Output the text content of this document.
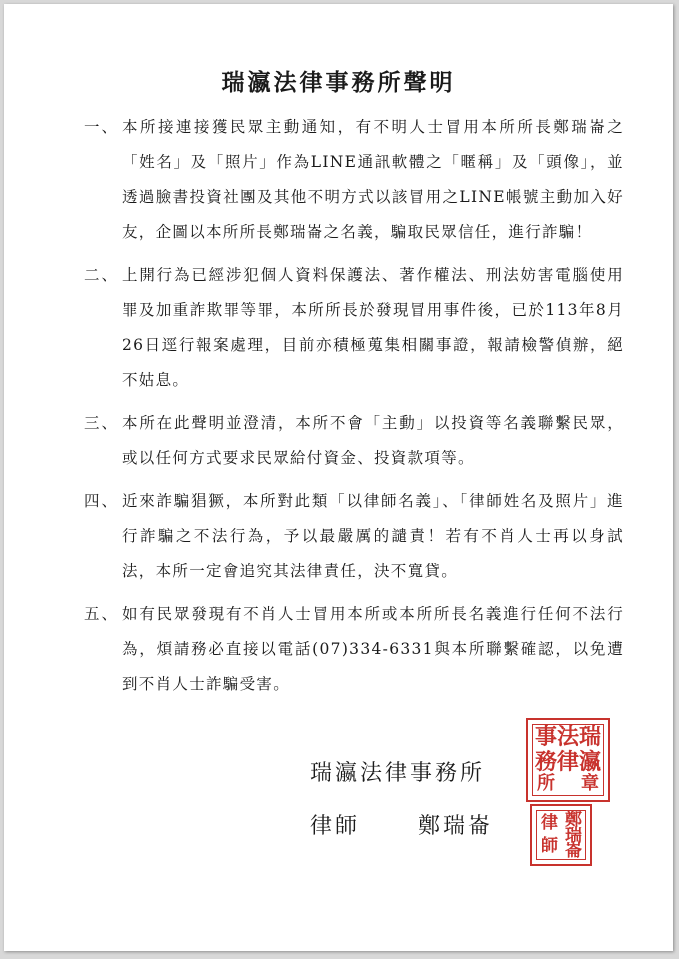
瑞瀛法律事務所聲明
一、 本所接連接獲民眾主動通知，有不明人士冒用本所所長鄭瑞崙之「姓名」及「照片」作為LINE通訊軟體之「暱稱」及「頭像」，並透過臉書投資社團及其他不明方式以該冒用之LINE帳號主動加入好友，企圖以本所所長鄭瑞崙之名義，騙取民眾信任，進行詐騙！
二、 上開行為已經涉犯個人資料保護法、著作權法、刑法妨害電腦使用罪及加重詐欺罪等罪，本所所長於發現冒用事件後，已於113年8月26日逕行報案處理，目前亦積極蒐集相關事證，報請檢警偵辦，絕不姑息。
三、 本所在此聲明並澄清，本所不會「主動」以投資等名義聯繫民眾，或以任何方式要求民眾給付資金、投資款項等。
四、 近來詐騙猖獗，本所對此類「以律師名義」、「律師姓名及照片」進行詐騙之不法行為，予以最嚴厲的譴責！若有不肖人士再以身試法，本所一定會追究其法律責任，決不寬貸。
五、 如有民眾發現有不肖人士冒用本所或本所所長名義進行任何不法行為，煩請務必直接以電話(07)334-6331與本所聯繫確認，以免遭到不肖人士詐騙受害。
瑞瀛法律事務所
律師	鄭瑞崙
瑞
瀛
法
律
事
務
所 章
鄭
瑞
崙
律
師
